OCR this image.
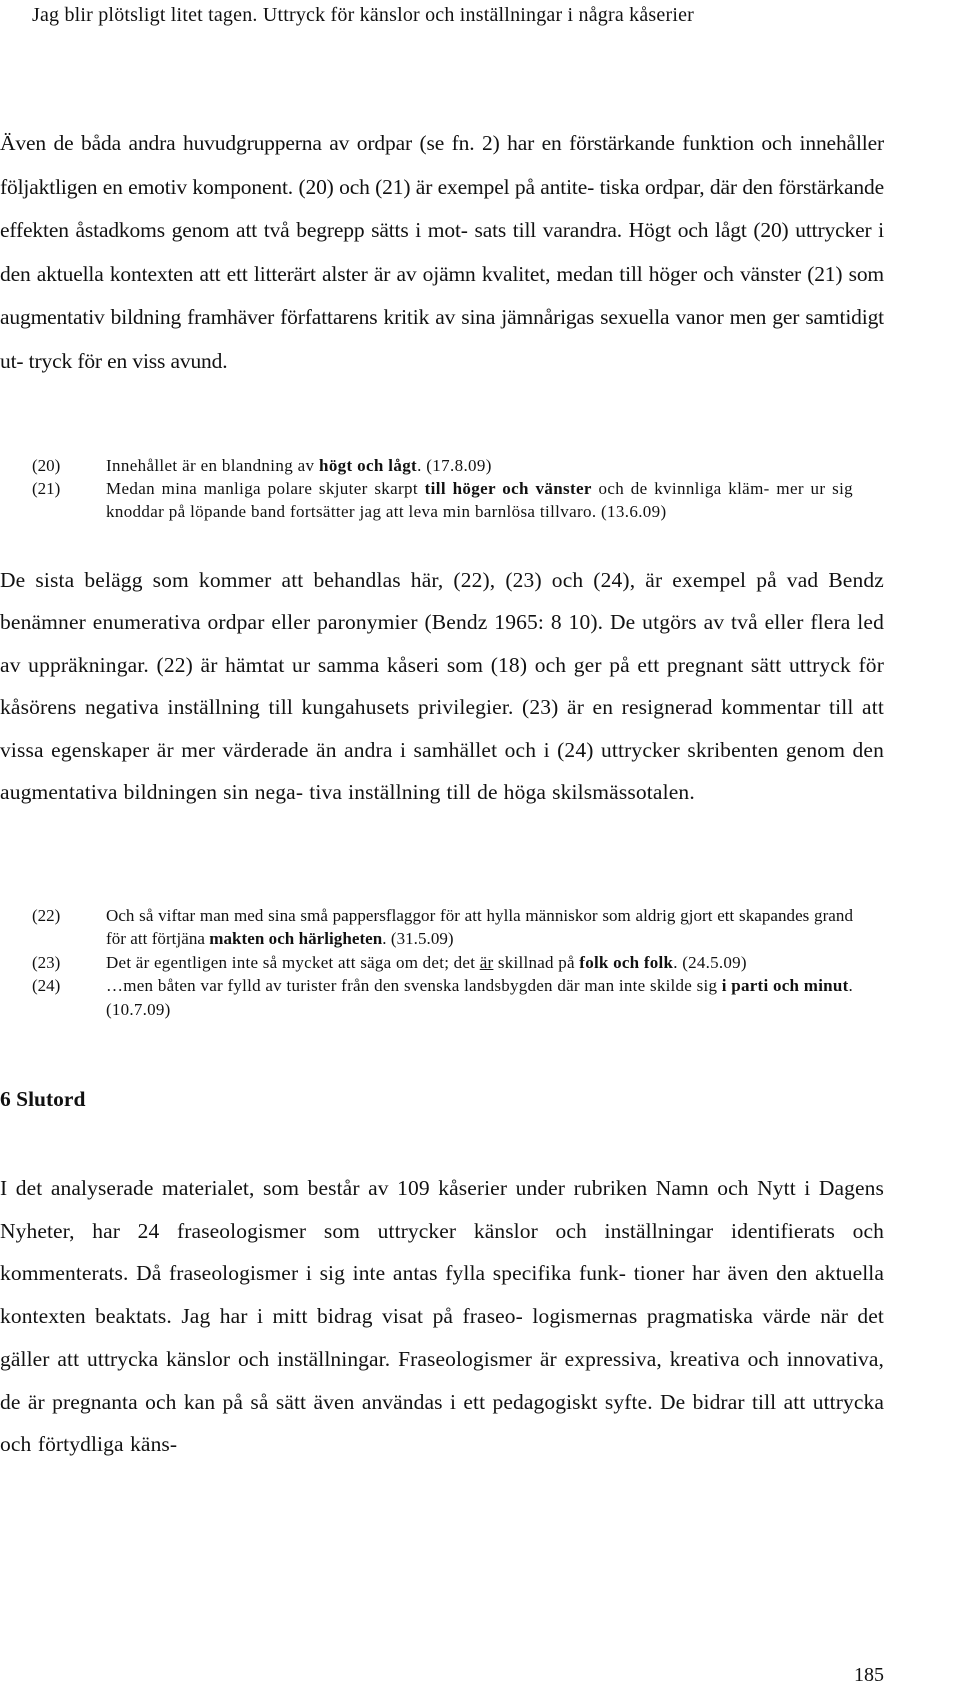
Jag blir plötsligt litet tagen. Uttryck för känslor och inställningar i några kåserier

Även de båda andra huvudgrupperna av ordpar (se fn. 2) har en förstärkande funktion och innehåller följaktligen en emotiv komponent. (20) och (21) är exempel på antite- tiska ordpar, där den förstärkande effekten åstadkoms genom att två begrepp sätts i mot- sats till varandra. Högt och lågt (20) uttrycker i den aktuella kontexten att ett litterärt alster är av ojämn kvalitet, medan till höger och vänster (21) som augmentativ bildning framhäver författarens kritik av sina jämnårigas sexuella vanor men ger samtidigt ut- tryck för en viss avund.

(20)	Innehållet är en blandning av högt och lågt. (17.8.09)
(21)	Medan mina manliga polare skjuter skarpt till höger och vänster och de kvinnliga kläm- mer ur sig knoddar på löpande band fortsätter jag att leva min barnlösa tillvaro. (13.6.09)

De sista belägg som kommer att behandlas här, (22), (23) och (24), är exempel på vad Bendz benämner enumerativa ordpar eller paronymier (Bendz 1965: 8 10). De utgörs av två eller flera led av uppräkningar. (22) är hämtat ur samma kåseri som (18) och ger på ett pregnant sätt uttryck för kåsörens negativa inställning till kungahusets privilegier. (23) är en resignerad kommentar till att vissa egenskaper är mer värderade än andra i samhället och i (24) uttrycker skribenten genom den augmentativa bildningen sin nega- tiva inställning till de höga skilsmässotalen.

(22)	Och så viftar man med sina små pappersflaggor för att hylla människor som aldrig gjort ett skapandes grand för att förtjäna makten och härligheten. (31.5.09)
(23)	Det är egentligen inte så mycket att säga om det; det är skillnad på folk och folk. (24.5.09)
(24)	…men båten var fylld av turister från den svenska landsbygden där man inte skilde sig i parti och minut. (10.7.09)
6 Slutord

I det analyserade materialet, som består av 109 kåserier under rubriken Namn och Nytt i Dagens Nyheter, har 24 fraseologismer som uttrycker känslor och inställningar identifierats och kommenterats. Då fraseologismer i sig inte antas fylla specifika funk- tioner har även den aktuella kontexten beaktats. Jag har i mitt bidrag visat på fraseo- logismernas pragmatiska värde när det gäller att uttrycka känslor och inställningar. Fraseologismer är expressiva, kreativa och innovativa, de är pregnanta och kan på så sätt även användas i ett pedagogiskt syfte. De bidrar till att uttrycka och förtydliga käns-

185
